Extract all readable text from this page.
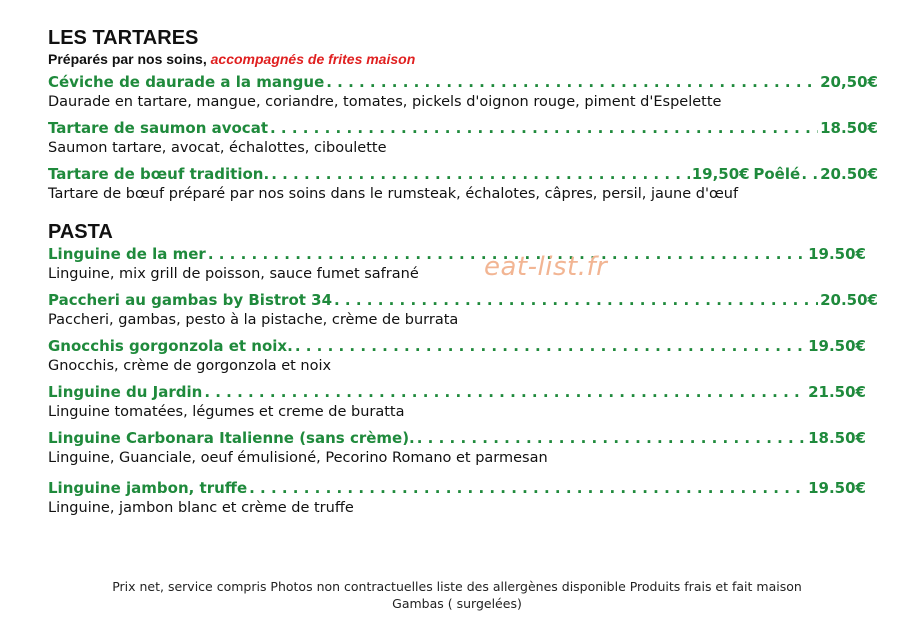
LES TARTARES
Préparés par nos soins, accompagnés de frites maison
Céviche de daurade a la mangue . . .	20,50€
Daurade en tartare, mangue, coriandre, tomates, pickels d'oignon rouge, piment d'Espelette
Tartare de saumon avocat . . .	18.50€
Saumon tartare, avocat, échalottes, ciboulette
Tartare de bœuf tradition. . . .	19,50€ Poêlé . . 20.50€
Tartare de bœuf préparé par nos soins dans le rumsteak, échalotes, câpres, persil, jaune d'œuf
PASTA
Linguine de la mer . . .	19.50€
Linguine, mix grill de poisson, sauce fumet safrané
Paccheri au gambas by Bistrot 34 . . .	20.50€
Paccheri, gambas, pesto à la pistache, crème de burrata
Gnocchis gorgonzola et noix. . . .	19.50€
Gnocchis, crème de gorgonzola et noix
Linguine du Jardin . . .	21.50€
Linguine tomatées, légumes et creme de buratta
Linguine Carbonara Italienne (sans crème). . . .	18.50€
Linguine, Guanciale, oeuf émulisioné, Pecorino Romano et parmesan
Linguine jambon, truffe . . .	19.50€
Linguine, jambon blanc et crème de truffe
eat-list.fr
Prix net, service compris Photos non contractuelles liste des allergènes disponible Produits frais et fait maison
Gambas ( surgelées)
